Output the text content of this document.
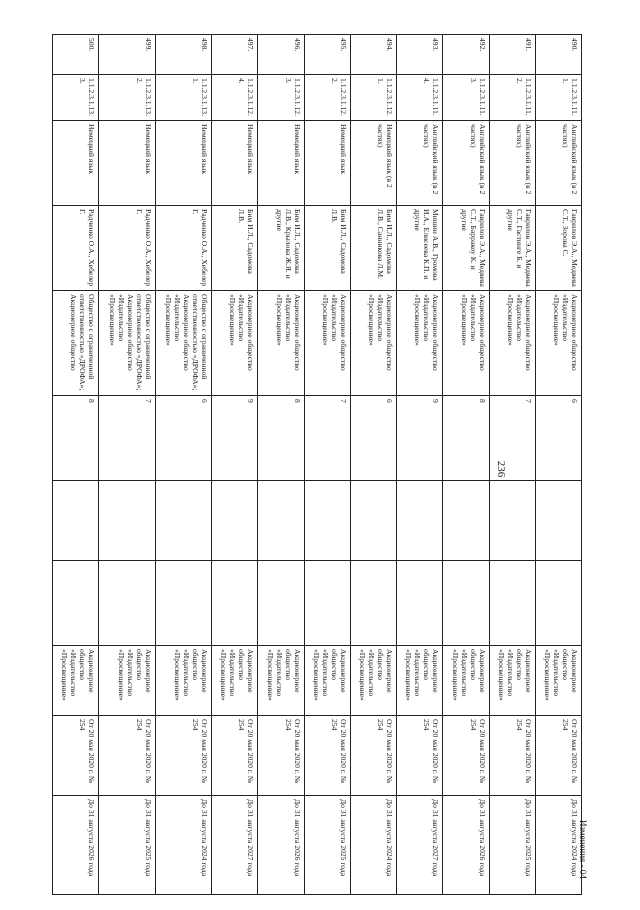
236
490.	1.1.2.3.1.11.1.	Английский язык (в 2 частях)	Гаврилов Э.А., Медвева С.Т., Зорова С.	Акционерное общество «Издательство «Просвещение»	6			Акционерное общество «Издательство «Просвещение»	От 20 мая 2020 г. № 254	До 31 августа 2024 года
491.	1.1.2.3.1.11.2.	Английский язык (в 2 частях)	Гаврилов Э.А., Медвева С.Т., Гастинге Б. и другие	Акционерное общество «Издательство «Просвещение»	7			Акционерное общество «Издательство «Просвещение»	От 20 мая 2020 г. № 254	До 31 августа 2025 года
492.	1.1.2.3.1.11.3.	Английский язык (в 2 частях)	Гаврилов Э.А., Медвева С.Т., Барракоу К. и другие	Акционерное общество «Издательство «Просвещение»	8			Акционерное общество «Издательство «Просвещение»	От 20 мая 2020 г. № 254	До 31 августа 2026 года
493.	1.1.2.3.1.11.4.	Английский язык (в 2 частях)	Мишин А.В., Громова И.А., Елисеева К.П. и другие	Акционерное общество «Издательство «Просвещение»	9			Акционерное общество «Издательство «Просвещение»	От 20 мая 2020 г. № 254	До 31 августа 2027 года
494.	1.1.2.3.1.12.1.	Немецкий язык (в 2 частях)	Бим И.Л., Садомова Л.В., Санникова Л.М.	Акционерное общество «Издательство «Просвещение»	6			Акционерное общество «Издательство «Просвещение»	От 20 мая 2020 г. № 254	До 31 августа 2024 года
495.	1.1.2.3.1.12.2.	Немецкий язык	Бим И.Л., Садомова Л.В.	Акционерное общество «Издательство «Просвещение»	7			Акционерное общество «Издательство «Просвещение»	От 20 мая 2020 г. № 254	До 31 августа 2025 года
496.	1.1.2.3.1.12.3.	Немецкий язык	Бим И.Л., Садомова Л.В., Крылова Ж.Я. и другие	Акционерное общество «Издательство «Просвещение»	8			Акционерное общество «Издательство «Просвещение»	От 20 мая 2020 г. № 254	До 31 августа 2026 года
497.	1.1.2.3.1.12.4.	Немецкий язык	Бим И.Л., Садомова Л.В.	Акционерное общество «Издательство «Просвещение»	9			Акционерное общество «Издательство «Просвещение»	От 20 мая 2020 г. № 254	До 31 августа 2027 года
498.	1.1.2.3.1.13.1.	Немецкий язык	Радченко О.А., Хебелер Г.	Общество с ограниченной ответственностью «ДРОФА»; Акционерное общество «Издательство «Просвещение»	6			Акционерное общество «Издательство «Просвещение»	От 20 мая 2020 г. № 254	До 31 августа 2024 года
499.	1.1.2.3.1.13.2.	Немецкий язык	Радченко О.А., Хебелер Г.	Общество с ограниченной ответственностью «ДРОФА»; Акционерное общество «Издательство «Просвещение»	7			Акционерное общество «Издательство «Просвещение»	От 20 мая 2020 г. № 254	До 31 августа 2025 года
500.	1.1.2.3.1.13.3.	Немецкий язык	Радченко О.А., Хебелер Г.	Общество с ограниченной ответственностью «ДРОФА»; Акционерное общество	8			Акционерное общество «Издательство «Просвещение»	От 20 мая 2020 г. № 254	До 31 августа 2026 года	Изменения - 04
